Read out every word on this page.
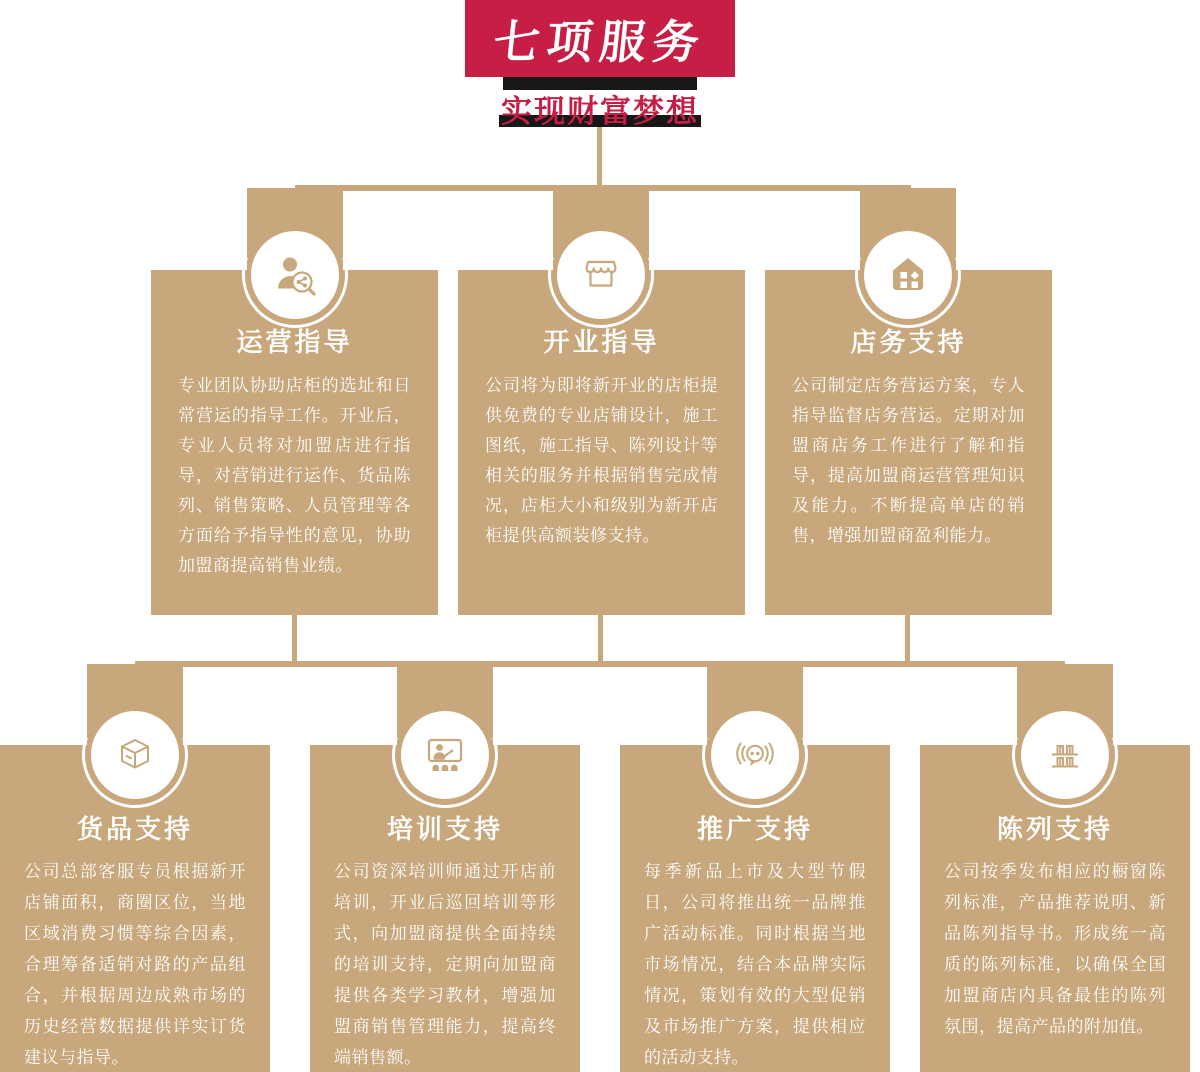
七项服务
实现财富梦想
运营指导
专业团队协助店柜的选址和日常营运的指导工作。开业后，专业人员将对加盟店进行指导，对营销进行运作、货品陈列、销售策略、人员管理等各方面给予指导性的意见，协助加盟商提高销售业绩。
开业指导
公司将为即将新开业的店柜提供免费的专业店铺设计，施工图纸，施工指导、陈列设计等相关的服务并根据销售完成情况，店柜大小和级别为新开店柜提供高额装修支持。
店务支持
公司制定店务营运方案，专人指导监督店务营运。定期对加盟商店务工作进行了解和指导，提高加盟商运营管理知识及能力。不断提高单店的销售，增强加盟商盈利能力。
货品支持
公司总部客服专员根据新开店铺面积，商圈区位，当地区域消费习惯等综合因素，合理筹备适销对路的产品组合，并根据周边成熟市场的历史经营数据提供详实订货建议与指导。
培训支持
公司资深培训师通过开店前培训，开业后巡回培训等形式，向加盟商提供全面持续的培训支持，定期向加盟商提供各类学习教材，增强加盟商销售管理能力，提高终端销售额。
推广支持
每季新品上市及大型节假日，公司将推出统一品牌推广活动标准。同时根据当地市场情况，结合本品牌实际情况，策划有效的大型促销及市场推广方案，提供相应的活动支持。
陈列支持
公司按季发布相应的橱窗陈列标准，产品推荐说明、新品陈列指导书。形成统一高质的陈列标准，以确保全国加盟商店内具备最佳的陈列氛围，提高产品的附加值。
